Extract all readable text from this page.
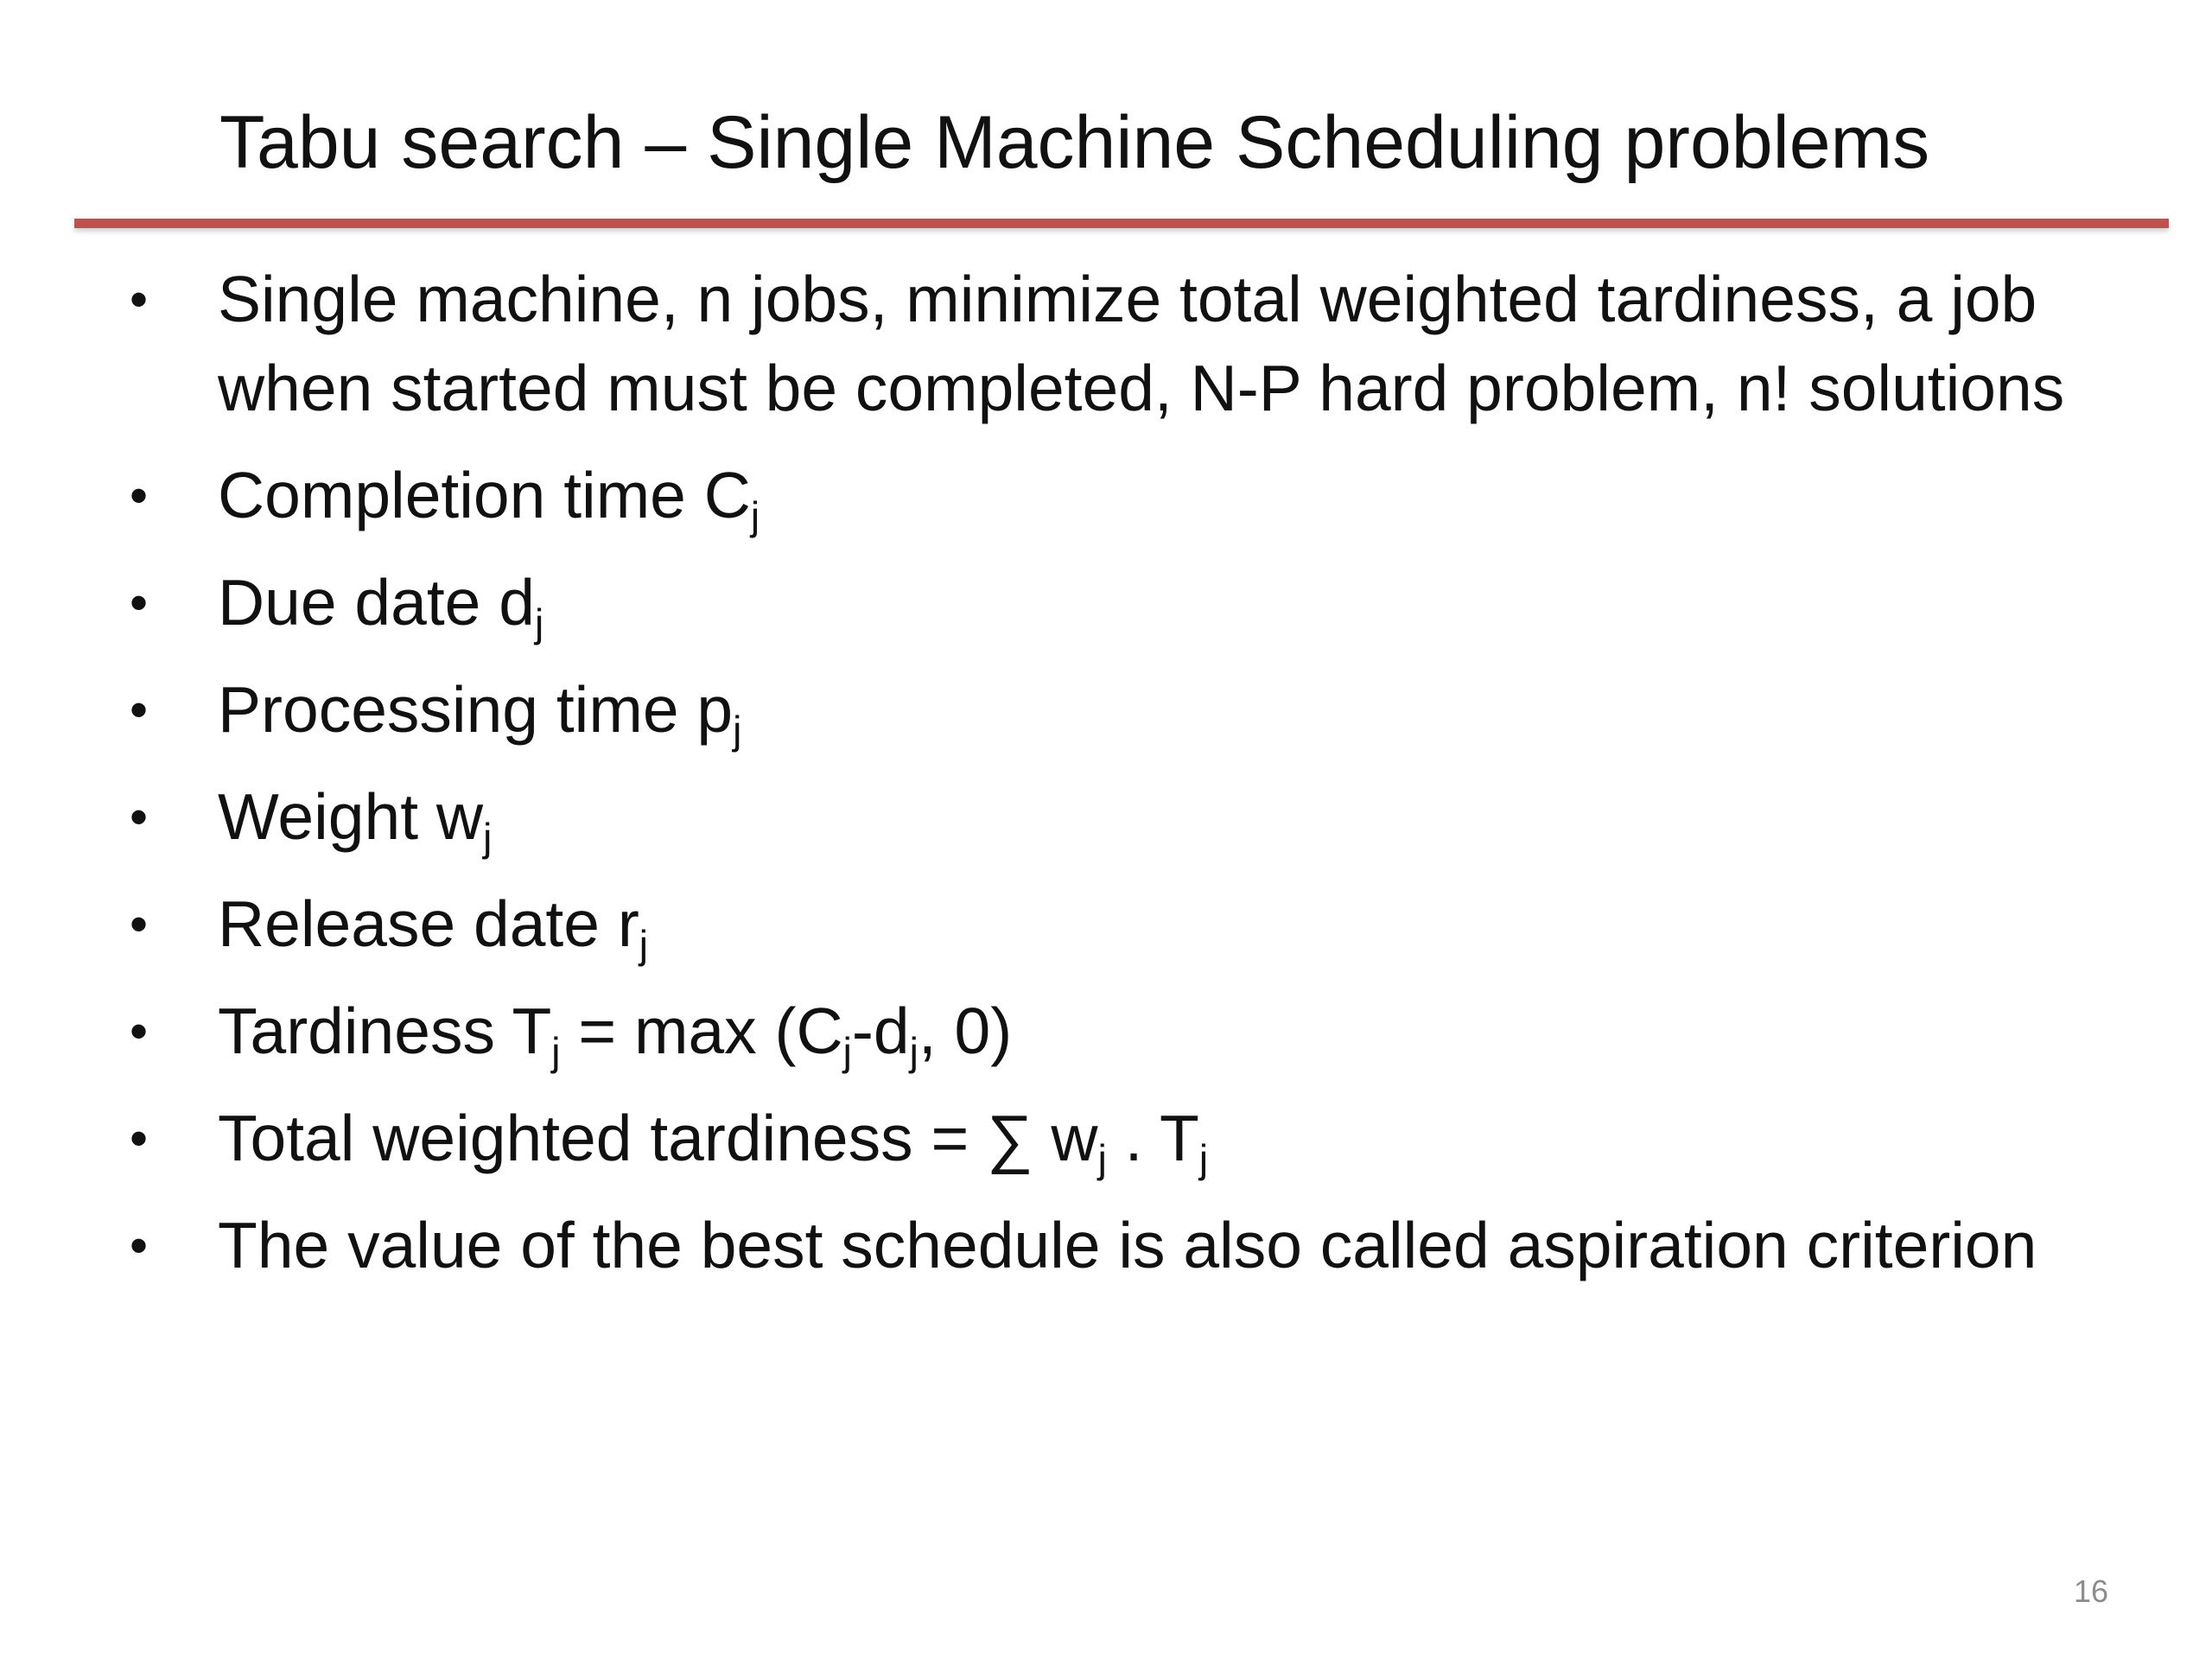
Tabu search – Single Machine Scheduling problems
• Single machine, n jobs, minimize total weighted tardiness, a job when started must be completed, N-P hard problem, n! solutions
• Completion time $C_j$
• Due date $d_j$
• Processing time $p_j$
• Weight $w_j$
• Release date $r_j$
• Tardiness $T_j = \max (C_j-d_j$, 0)
• Total weighted tardiness = ∑ $w_j$ . $T_j$
• The value of the best schedule is also called aspiration criterion
16
